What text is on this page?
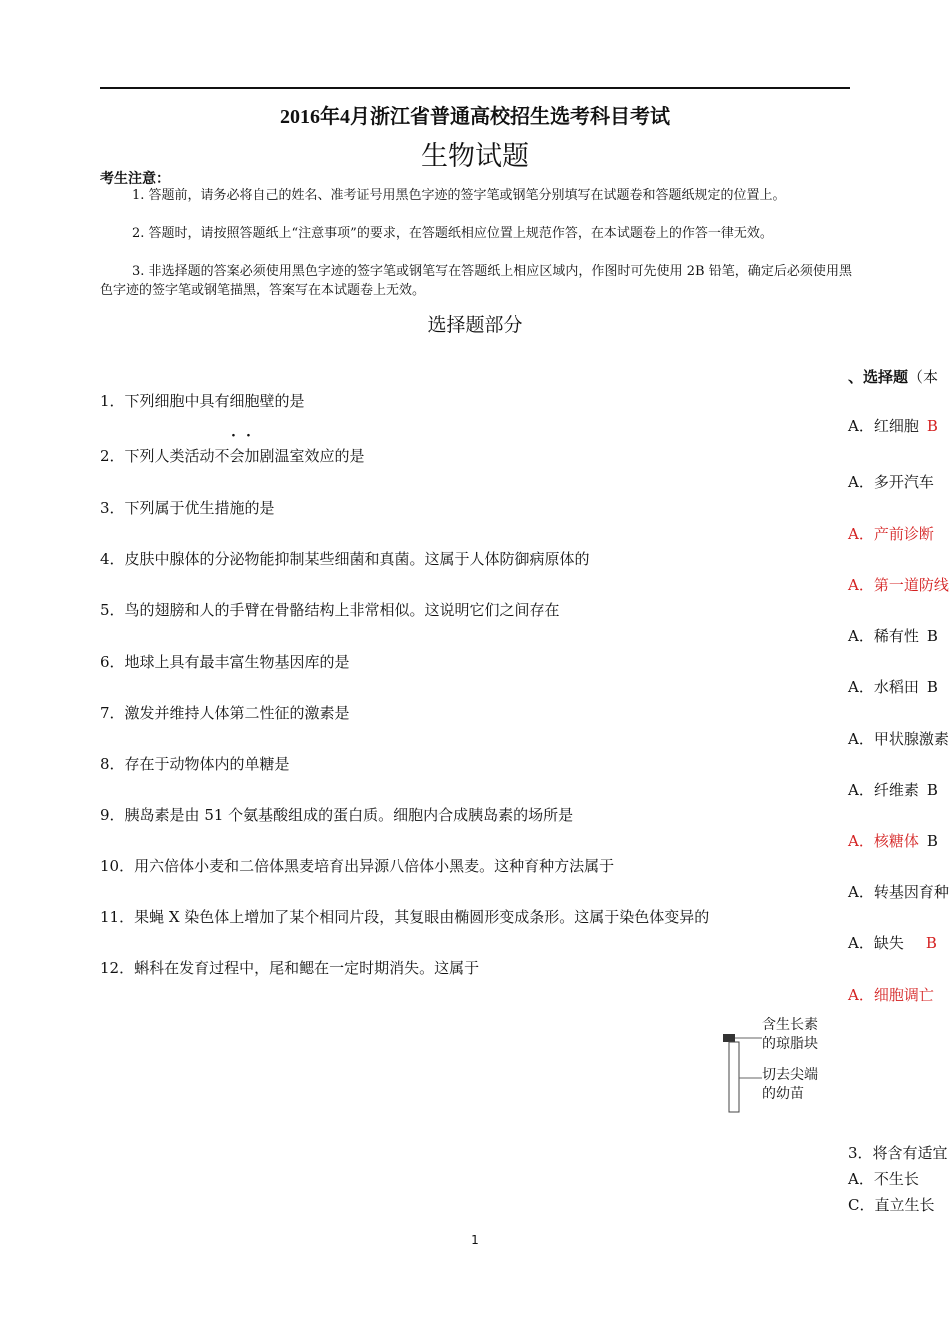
2016年4月浙江省普通高校招生选考科目考试
生物试题
考生注意：
1. 答题前，请务必将自己的姓名、准考证号用黑色字迹的签字笔或钢笔分别填写在试题卷和答题纸规定的位置上。
2. 答题时，请按照答题纸上“注意事项”的要求，在答题纸相应位置上规范作答，在本试题卷上的作答一律无效。
3. 非选择题的答案必须使用黑色字迹的签字笔或钢笔写在答题纸上相应区域内，作图时可先使用 2B 铅笔，确定后必须使用黑色字迹的签字笔或钢笔描黑，答案写在本试题卷上无效。
选择题部分
1．下列细胞中具有细胞壁的是
· ·
2．下列人类活动不会加剧温室效应的是
3．下列属于优生措施的是
4．皮肤中腺体的分泌物能抑制某些细菌和真菌。这属于人体防御病原体的
5．鸟的翅膀和人的手臂在骨骼结构上非常相似。这说明它们之间存在
6．地球上具有最丰富生物基因库的是
7．激发并维持人体第二性征的激素是
8．存在于动物体内的单糖是
9．胰岛素是由 51 个氨基酸组成的蛋白质。细胞内合成胰岛素的场所是
10．用六倍体小麦和二倍体黑麦培育出异源八倍体小黑麦。这种育种方法属于
11．果蝇 X 染色体上增加了某个相同片段，其复眼由椭圆形变成条形。这属于染色体变异的
12．蝌科在发育过程中，尾和鳃在一定时期消失。这属于
、选择题（本
A．红细胞 B
A．多开汽车
A．产前诊断
A．第一道防线
A．稀有性 B
A．水稻田 B
A．甲状腺激素
A．纤维素 B
A．核糖体 B
A．转基因育种
A．缺失 B
A．细胞调亡
含生长素
的琼脂块
切去尖端
的幼苗
3．将含有适宜
A．不生长
C．直立生长
1
